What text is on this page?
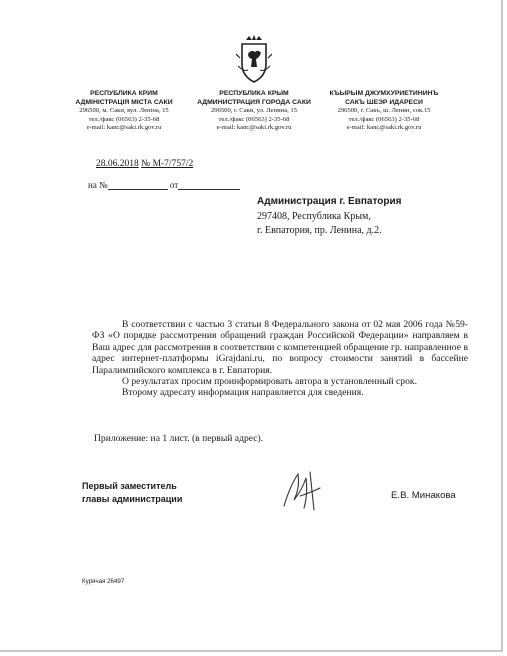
РЕСПУБЛИКА КРИМ
АДМІНІСТРАЦІЯ МІСТА САКИ
296500, м. Саки, вул. Леніна, 15
тел./факс (06563) 2-35-68
e-mail: kanc@saki.rk.gov.ru
РЕСПУБЛИКА КРЫМ
АДМИНИСТРАЦИЯ ГОРОДА САКИ
296500, г. Саки, ул. Ленина, 15
тел./факс (06563) 2-35-68
e-mail: kanc@saki.rk.gov.ru
КЪЫРЫМ ДЖУМХУРИЕТИНИНЪ
САКЪ ШЕЭР ИДАРЕСИ
296500, г. Сакъ, ш. Ленин, сок.15
тел./факс (06563) 2-35-68
e-mail: kanc@saki.rk.gov.ru
28.06.2018 № М-7/757/2
на №	от
Администрация г. Евпатория
297408, Республика Крым,
г. Евпатория, пр. Ленина, д.2.

В соответствии с частью 3 статьи 8 Федерального закона от 02 мая 2006 года №59-ФЗ «О порядке рассмотрения обращений граждан Российской Федерации» направляем в Ваш адрес для рассмотрения в соответствии с компетенцией обращение гр. направленное в адрес интернет-платформы iGrajdani.ru, по вопросу стоимости занятий в бассейне Паралимпийского комплекса в г. Евпатория.

О результатах просим проинформировать автора в установленный срок.

Второму адресату информация направляется для сведения.

Приложение: на 1 лист. (в первый адрес).
Первый заместитель
главы администрации	Е.В. Минакова
Курячая 26497
